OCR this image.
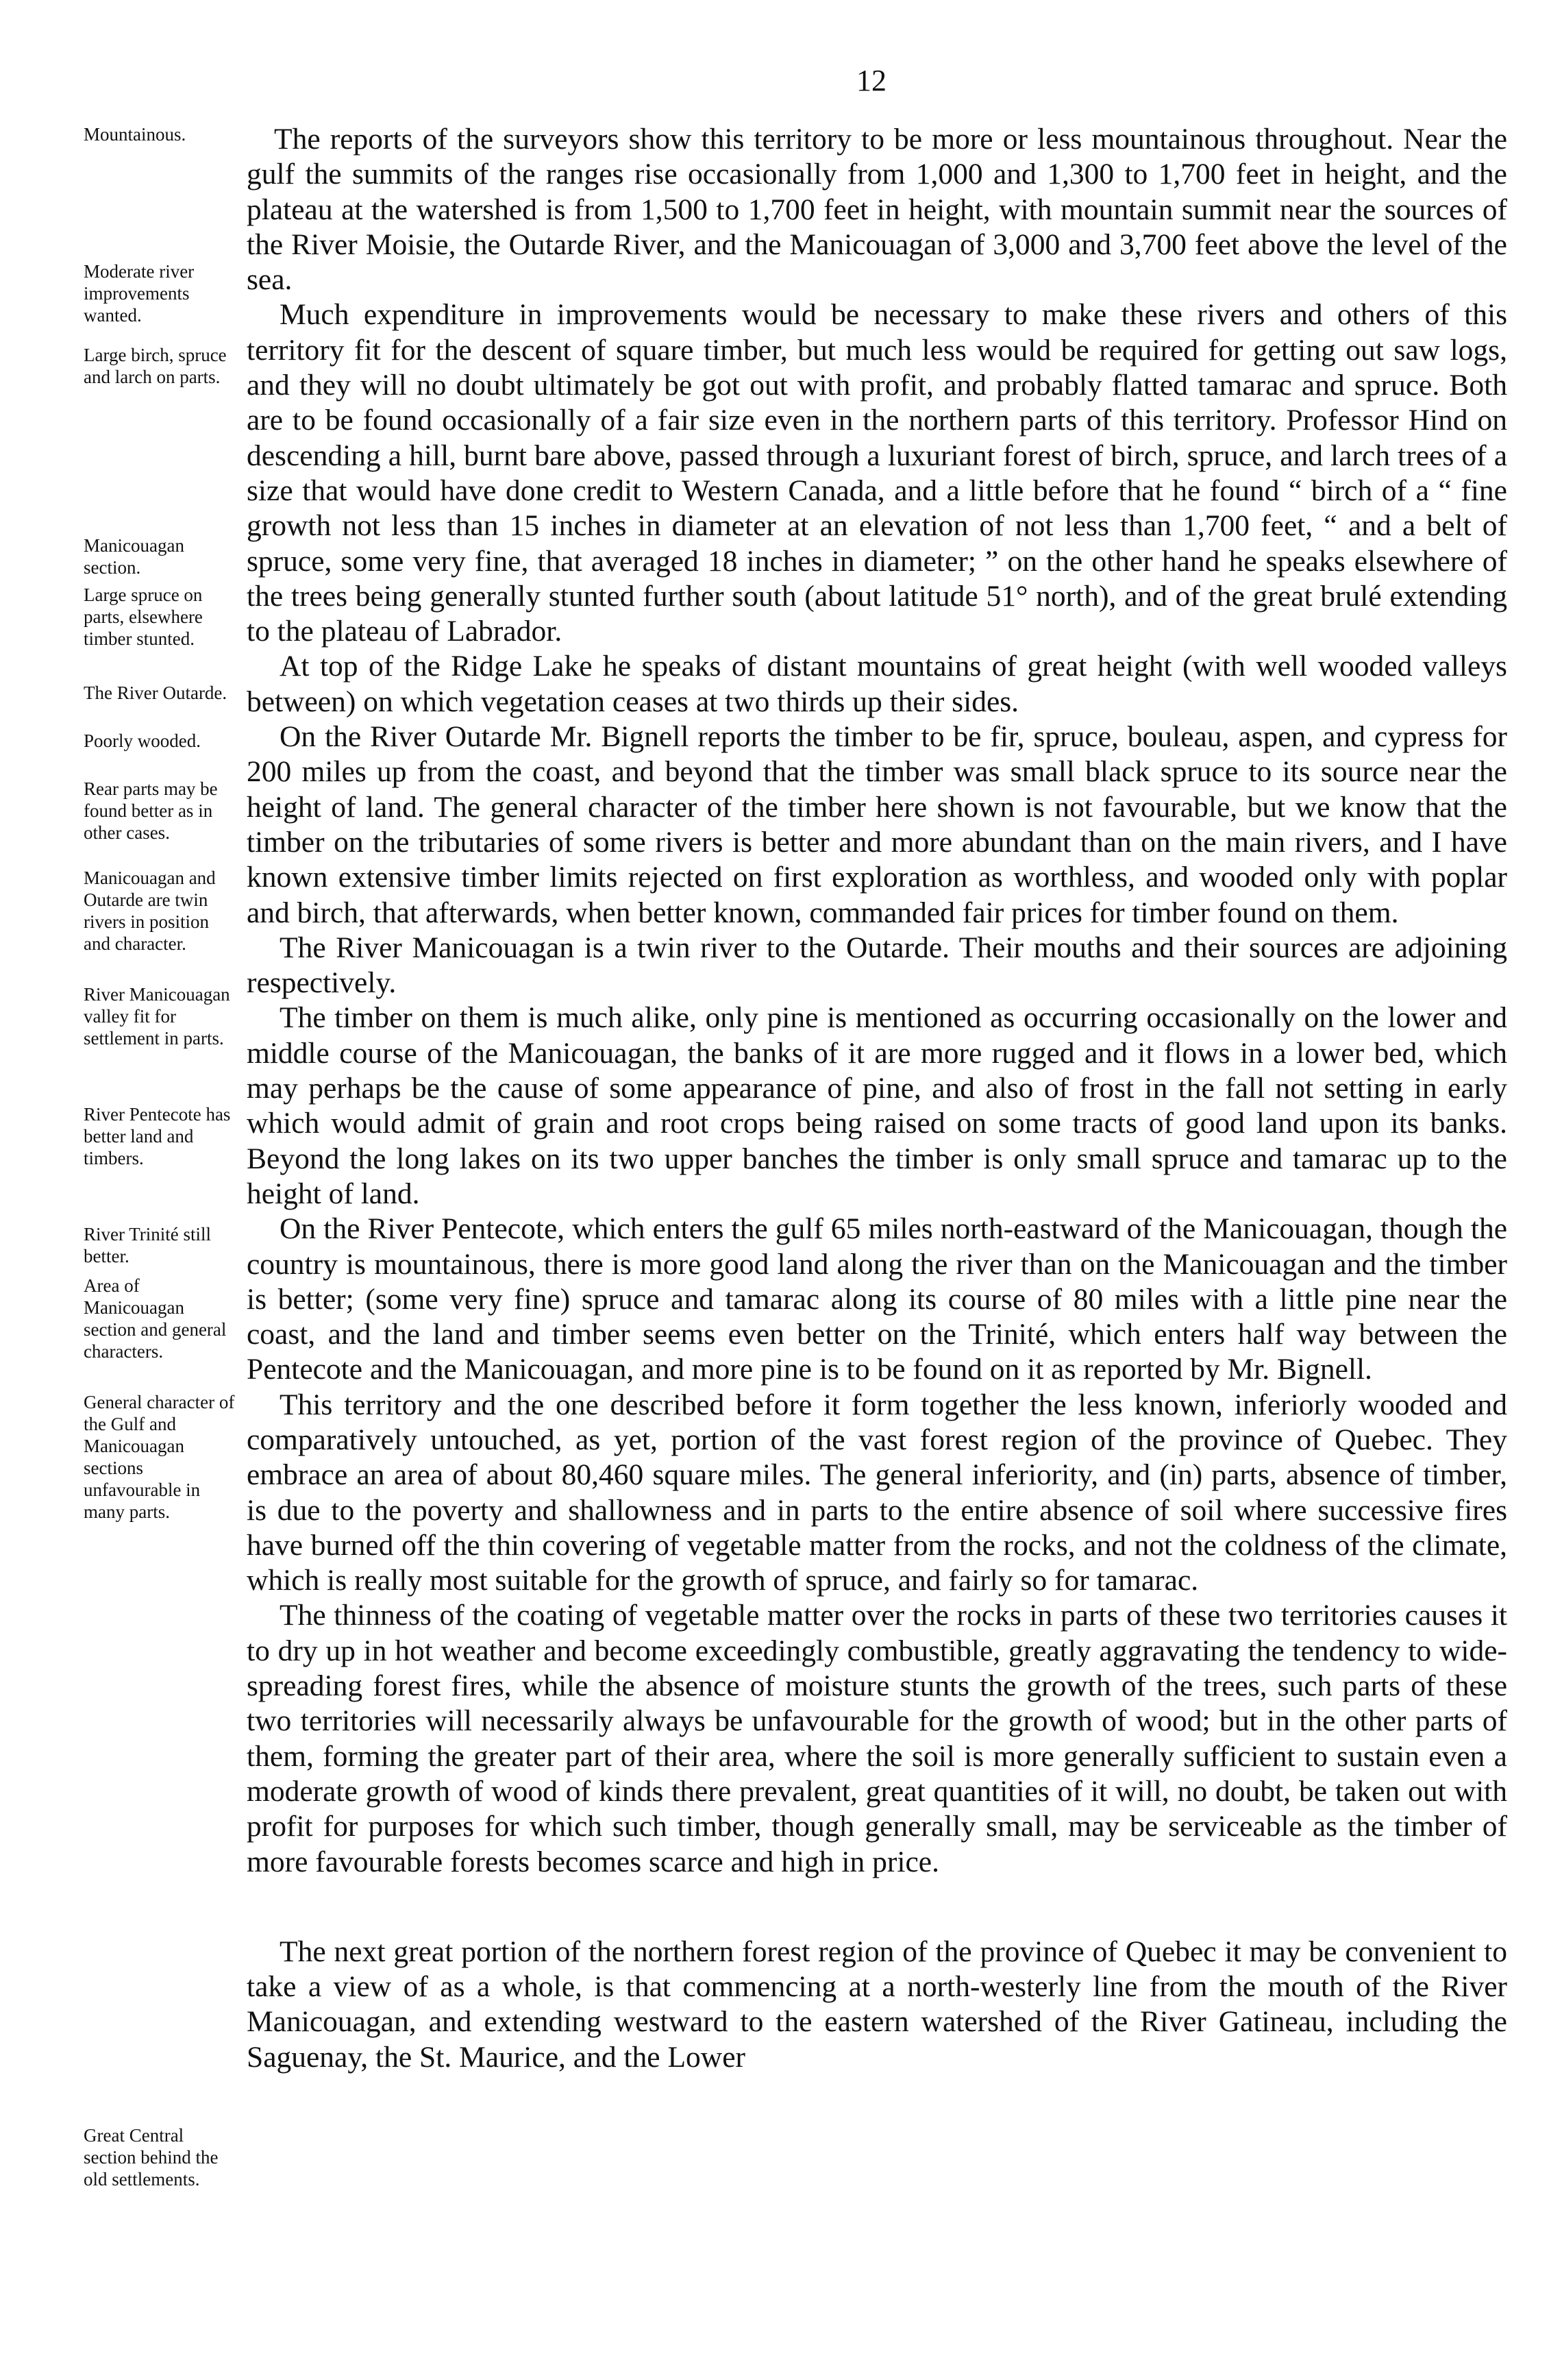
12
Mountainous.
Moderate river improvements wanted.
Large birch, spruce and larch on parts.
Manicouagan section.
Large spruce on parts, elsewhere timber stunted.
The River Outarde.
Poorly wooded.
Rear parts may be found better as in other cases.
Manicouagan and Outarde are twin rivers in position and character.
River Manicouagan valley fit for settlement in parts.
River Pentecote has better land and timbers.
River Trinité still better.
Area of Manicouagan section and general characters.
General character of the Gulf and Manicouagan sections unfavourable in many parts.
Great Central section behind the old settlements.

The reports of the surveyors show this territory to be more or less mountainous throughout. Near the gulf the summits of the ranges rise occasionally from 1,000 and 1,300 to 1,700 feet in height, and the plateau at the watershed is from 1,500 to 1,700 feet in height, with mountain summit near the sources of the River Moisie, the Outarde River, and the Manicouagan of 3,000 and 3,700 feet above the level of the sea.

Much expenditure in improvements would be necessary to make these rivers and others of this territory fit for the descent of square timber, but much less would be required for getting out saw logs, and they will no doubt ultimately be got out with profit, and probably flatted tamarac and spruce. Both are to be found occasionally of a fair size even in the northern parts of this territory. Professor Hind on descending a hill, burnt bare above, passed through a luxuriant forest of birch, spruce, and larch trees of a size that would have done credit to Western Canada, and a little before that he found “ birch of a “ fine growth not less than 15 inches in diameter at an elevation of not less than 1,700 feet, “ and a belt of spruce, some very fine, that averaged 18 inches in diameter; ” on the other hand he speaks elsewhere of the trees being generally stunted further south (about latitude 51° north), and of the great brulé extending to the plateau of Labrador.

At top of the Ridge Lake he speaks of distant mountains of great height (with well wooded valleys between) on which vegetation ceases at two thirds up their sides.

On the River Outarde Mr. Bignell reports the timber to be fir, spruce, bouleau, aspen, and cypress for 200 miles up from the coast, and beyond that the timber was small black spruce to its source near the height of land. The general character of the timber here shown is not favourable, but we know that the timber on the tributaries of some rivers is better and more abundant than on the main rivers, and I have known extensive timber limits rejected on first exploration as worthless, and wooded only with poplar and birch, that afterwards, when better known, commanded fair prices for timber found on them.

The River Manicouagan is a twin river to the Outarde. Their mouths and their sources are adjoining respectively.

The timber on them is much alike, only pine is mentioned as occurring occasionally on the lower and middle course of the Manicouagan, the banks of it are more rugged and it flows in a lower bed, which may perhaps be the cause of some appearance of pine, and also of frost in the fall not setting in early which would admit of grain and root crops being raised on some tracts of good land upon its banks. Beyond the long lakes on its two upper banches the timber is only small spruce and tamarac up to the height of land.

On the River Pentecote, which enters the gulf 65 miles north-eastward of the Manicouagan, though the country is mountainous, there is more good land along the river than on the Manicouagan and the timber is better; (some very fine) spruce and tamarac along its course of 80 miles with a little pine near the coast, and the land and timber seems even better on the Trinité, which enters half way between the Pentecote and the Manicouagan, and more pine is to be found on it as reported by Mr. Bignell.

This territory and the one described before it form together the less known, inferiorly wooded and comparatively untouched, as yet, portion of the vast forest region of the province of Quebec. They embrace an area of about 80,460 square miles. The general inferiority, and (in) parts, absence of timber, is due to the poverty and shallowness and in parts to the entire absence of soil where successive fires have burned off the thin covering of vegetable matter from the rocks, and not the coldness of the climate, which is really most suitable for the growth of spruce, and fairly so for tamarac.

The thinness of the coating of vegetable matter over the rocks in parts of these two territories causes it to dry up in hot weather and become exceedingly combustible, greatly aggravating the tendency to wide-spreading forest fires, while the absence of moisture stunts the growth of the trees, such parts of these two territories will necessarily always be unfavourable for the growth of wood; but in the other parts of them, forming the greater part of their area, where the soil is more generally sufficient to sustain even a moderate growth of wood of kinds there prevalent, great quantities of it will, no doubt, be taken out with profit for purposes for which such timber, though generally small, may be serviceable as the timber of more favourable forests becomes scarce and high in price.

The next great portion of the northern forest region of the province of Quebec it may be convenient to take a view of as a whole, is that commencing at a north-westerly line from the mouth of the River Manicouagan, and extending westward to the eastern watershed of the River Gatineau, including the Saguenay, the St. Maurice, and the Lower
